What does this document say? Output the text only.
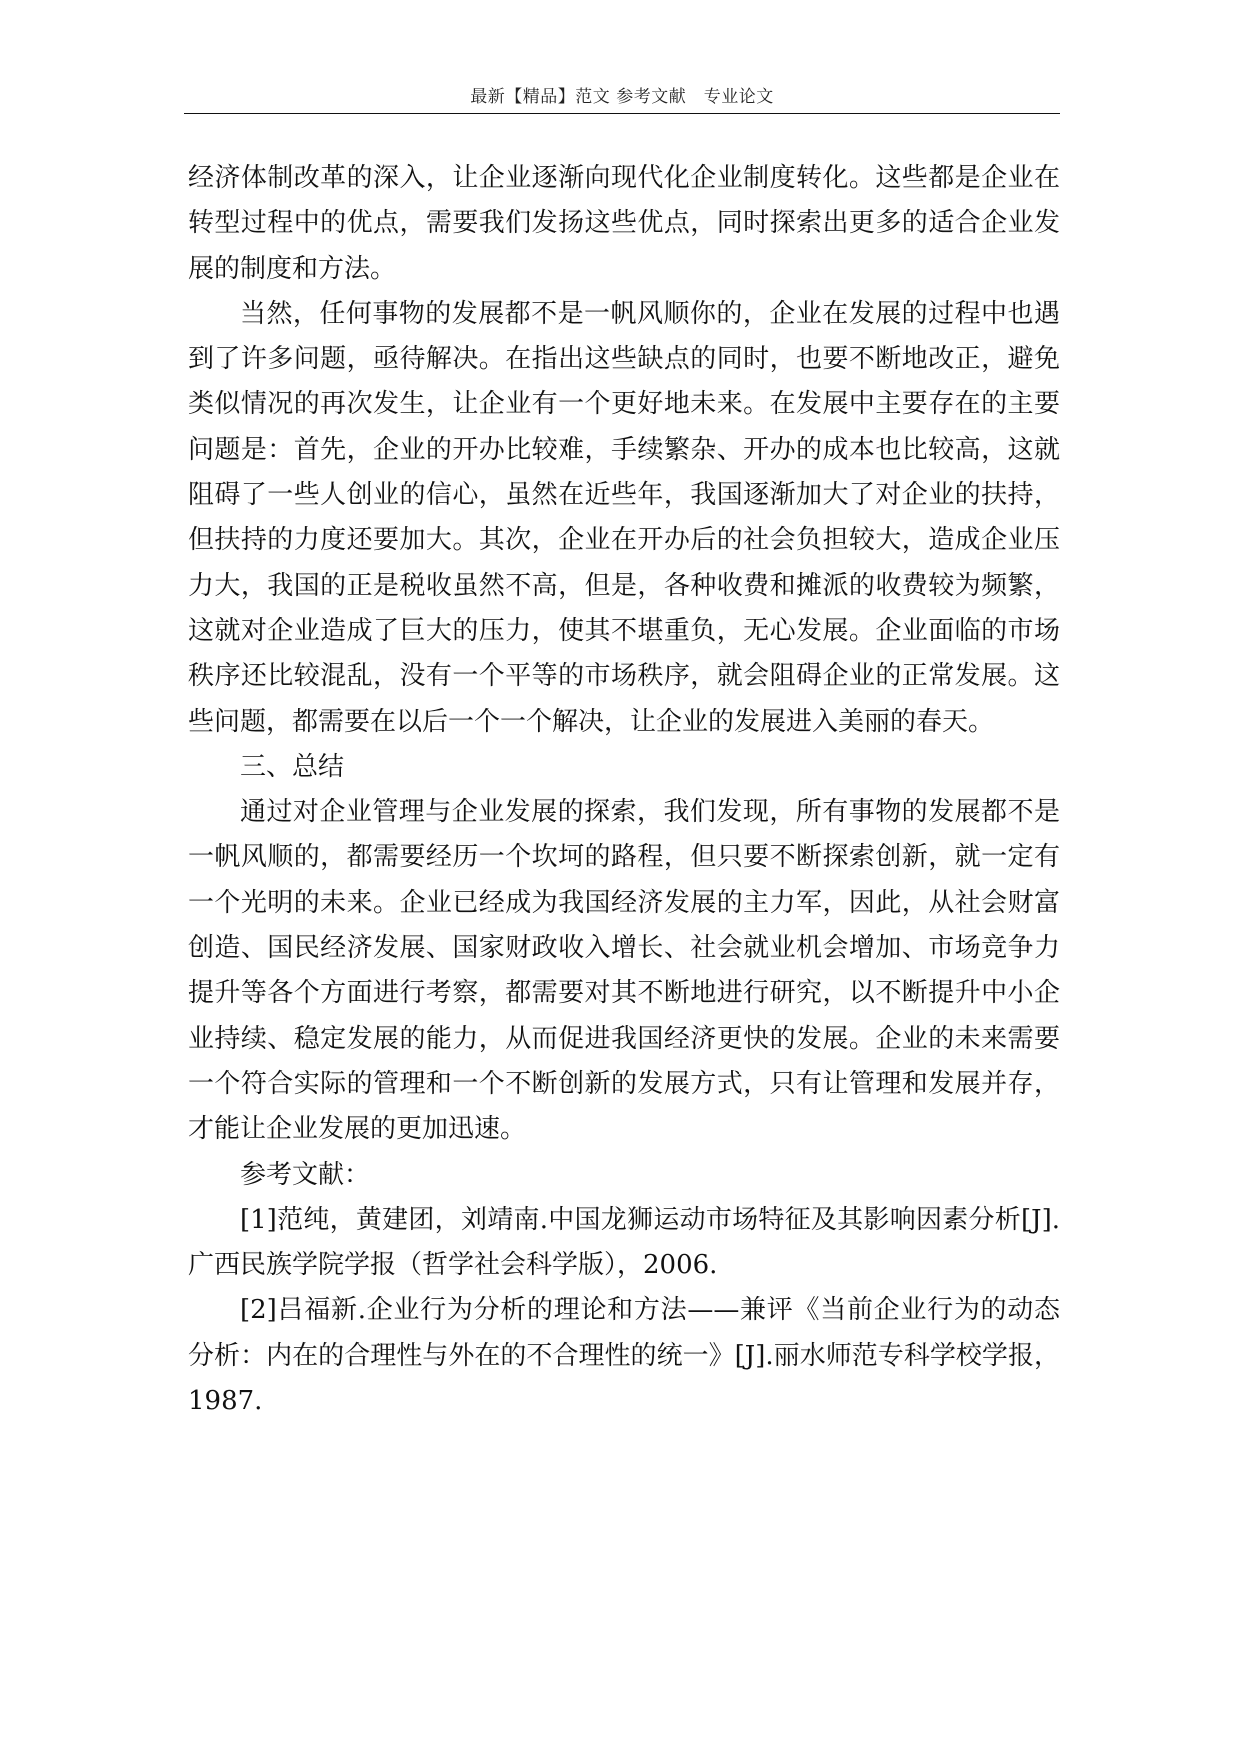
最新【精品】范文 参考文献　专业论文

经济体制改革的深入，让企业逐渐向现代化企业制度转化。这些都是企业在转型过程中的优点，需要我们发扬这些优点，同时探索出更多的适合企业发展的制度和方法。

当然，任何事物的发展都不是一帆风顺你的，企业在发展的过程中也遇到了许多问题，亟待解决。在指出这些缺点的同时，也要不断地改正，避免类似情况的再次发生，让企业有一个更好地未来。在发展中主要存在的主要问题是：首先，企业的开办比较难，手续繁杂、开办的成本也比较高，这就阻碍了一些人创业的信心，虽然在近些年，我国逐渐加大了对企业的扶持，但扶持的力度还要加大。其次，企业在开办后的社会负担较大，造成企业压力大，我国的正是税收虽然不高，但是，各种收费和摊派的收费较为频繁，这就对企业造成了巨大的压力，使其不堪重负，无心发展。企业面临的市场秩序还比较混乱，没有一个平等的市场秩序，就会阻碍企业的正常发展。这些问题，都需要在以后一个一个解决，让企业的发展进入美丽的春天。

三、总结

通过对企业管理与企业发展的探索，我们发现，所有事物的发展都不是一帆风顺的，都需要经历一个坎坷的路程，但只要不断探索创新，就一定有一个光明的未来。企业已经成为我国经济发展的主力军，因此，从社会财富创造、国民经济发展、国家财政收入增长、社会就业机会增加、市场竞争力提升等各个方面进行考察，都需要对其不断地进行研究，以不断提升中小企业持续、稳定发展的能力，从而促进我国经济更快的发展。企业的未来需要一个符合实际的管理和一个不断创新的发展方式，只有让管理和发展并存，才能让企业发展的更加迅速。

参考文献：

[1]范纯，黄建团，刘靖南.中国龙狮运动市场特征及其影响因素分析[J].广西民族学院学报（哲学社会科学版），2006.

[2]吕福新.企业行为分析的理论和方法——兼评《当前企业行为的动态分析：内在的合理性与外在的不合理性的统一》[J].丽水师范专科学校学报，1987.
